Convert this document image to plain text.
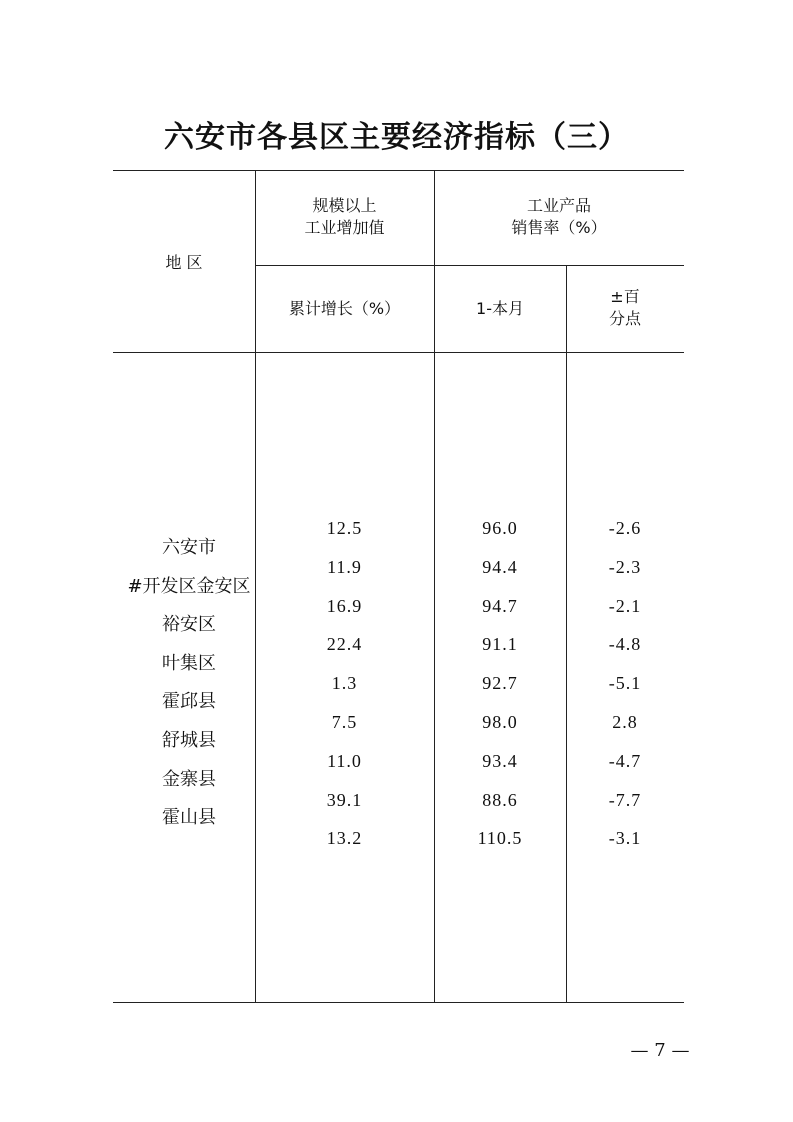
六安市各县区主要经济指标（三）
地 区
规模以上
工业增加值
工业产品
销售率（%）
累计增长（%）	1-本月
±百
分点
六安市
#开发区金安区
裕安区
叶集区
霍邱县
舒城县
金寨县
霍山县
12.5
11.9
16.9
22.4
1.3
7.5
11.0
39.1
13.2
96.0
94.4
94.7
91.1
92.7
98.0
93.4
88.6
110.5
-2.6
-2.3
-2.1
-4.8
-5.1
2.8
-4.7
-7.7
-3.1
— 7 —
